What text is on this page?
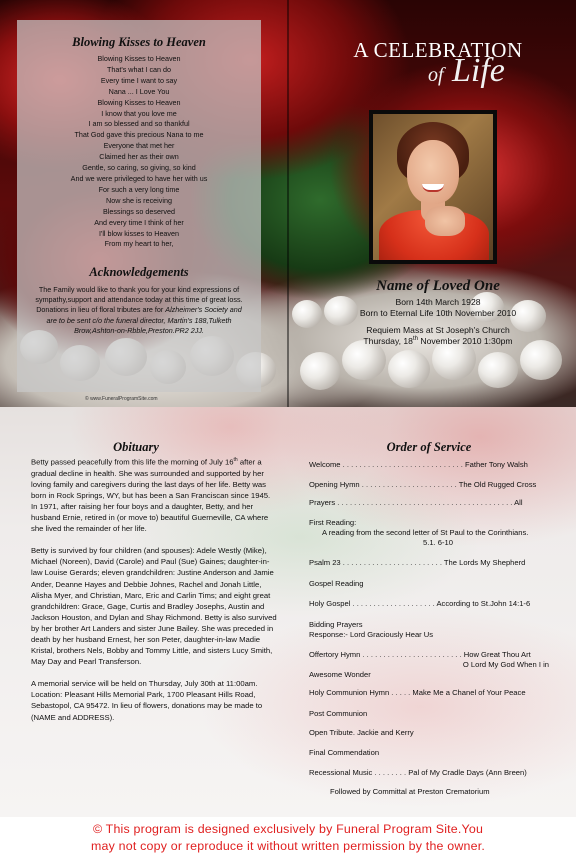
Blowing Kisses to Heaven
Blowing Kisses to Heaven
That's what I can do
Every time I want to say
Nana ... I Love You
Blowing Kisses to Heaven
I know that you love me
I am so blessed and so thankful
That God gave this precious Nana to me
Everyone that met her
Claimed her as their own
Gentle, so caring, so giving, so kind
And we were privileged to have her with us
For such a very long time
Now she is receiving
Blessings so deserved
And every time I think of her
I'll blow kisses to Heaven
From my heart to her,
Acknowledgements
The Family would like to thank you for your kind expressions of sympathy,support and attendance today at this time of great loss. Donations in lieu of floral tributes are for Alzheimer's Society and are to be sent c/o the funeral director, Martin's 188,Tulketh Brow,Ashton-on-Rbble,Preston.PR2 2JJ.
© www.FuneralProgramSite.com
A CELEBRATION
of Life
Name of Loved One
Born 14th March 1928
Born to Eternal Life 10th November 2010
Requiem Mass at St Joseph's Church
Thursday, 18th November 2010 1:30pm
Obituary

Betty passed peacefully from this life the morning of July 16th after a gradual decline in health. She was surrounded and supported by her loving family and caregivers during the last days of her life. Betty was born in Rock Springs, WY, but has been a San Franciscan since 1945. In 1971, after raising her four boys and a daughter, Betty, and her husband Ernie, retired in (or move to) beautiful Guerneville, CA where she lived the remainder of her life.

Betty is survived by four children (and spouses): Adele Westly (Mike), Michael (Noreen), David (Carole) and Paul (Sue) Gaines; daughter-in-law Louise Gerards; eleven grandchildren: Justine Anderson and Jamie Ander, Deanne Hayes and Debbie Johnes, Rachel and Jonah Little, Alisha Myer, and Christian, Marc, Eric and Carlin Tims; and eight great grandchildren: Grace, Gage, Curtis and Bradley Josephs, Austin and Jackson Houston, and Dylan and Shay Richmond. Betty is also survived by her brother Art Landers and sister June Bailey. She was preceded in death by her husband Ernest, her son Peter, daughter-in-law Madie Kristal, brothers Nels, Bobby and Tommy Little, and sisters Lucy Smith, May Day and Pearl Transferson.

A memorial service will be held on Thursday, July 30th at 11:00am. Location: Pleasant Hills Memorial Park, 1700 Pleasant Hills Road, Sebastopol, CA 95472. In lieu of flowers, donations may be made to (NAME and ADDRESS).

Order of Service
Welcome . . . . . . . . . . . . . . . . . . . . . . . . . . . . . Father Tony Walsh
Opening Hymn . . . . . . . . . . . . . . . . . . . . . . . The Old Rugged Cross
Prayers . . . . . . . . . . . . . . . . . . . . . . . . . . . . . . . . . . . . . . . . . . All
First Reading:
A reading from the second letter of St Paul to the Corinthians.
5.1. 6-10
Psalm 23 . . . . . . . . . . . . . . . . . . . . . . . . The Lords My Shepherd
Gospel Reading
Holy Gospel . . . . . . . . . . . . . . . . . . . . According to St.John 14:1-6
Bidding Prayers
Response:- Lord Graciously Hear Us
Offertory Hymn . . . . . . . . . . . . . . . . . . . . . . . . How Great Thou Art
O Lord My God When I in
Awesome Wonder
Holy Communion Hymn . . . . . Make Me a Chanel of Your Peace
Post Communion
Open Tribute. Jackie and Kerry
Final Commendation
Recessional Music . . . . . . . . Pal of My Cradle Days (Ann Breen)
Followed by Committal at Preston Crematorium
© This program is designed exclusively by Funeral Program Site.You
may not copy or reproduce it without written permission by the owner.
